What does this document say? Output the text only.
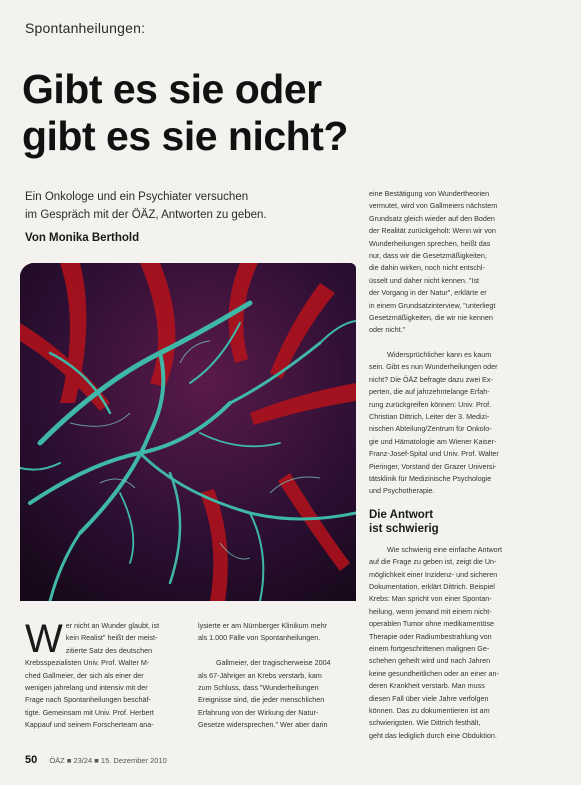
Spontanheilungen:
Gibt es sie oder
gibt es sie nicht?
Ein Onkologe und ein Psychiater versuchen
im Gespräch mit der ÖÄZ, Antworten zu geben.
Von Monika Berthold
W er nicht an Wunder glaubt, ist
kein Realist" heißt der meist-
zitierte Satz des deutschen
Krebsspezialisten Univ. Prof. Walter M-
ched Gallmeier, der sich als einer der
wenigen jahrelang und intensiv mit der
Frage nach Spontanheilungen beschäf-
tigte. Gemeinsam mit Univ. Prof. Herbert
Kappauf und seinem Forscherteam ana-
lysierte er am Nürnberger Klinikum mehr
als 1.000 Fälle von Spontanheilungen.

Gallmeier, der tragischerweise 2004
als 67-Jähriger an Krebs verstarb, kam
zum Schluss, dass "Wunderheilungen
Ereignisse sind, die jeder menschlichen
Erfahrung von der Wirkung der Natur-
Gesetze widersprechen." Wer aber darin
eine Bestätigung von Wundertheorien
vermutet, wird von Gallmeiers nächstem
Grundsatz gleich wieder auf den Boden
der Realität zurückgeholt: Wenn wir von
Wunderheilungen sprechen, heißt das
nur, dass wir die Gesetzmäßigkeiten,
die dahin wirken, noch nicht entschl-
üsselt und daher nicht kennen. "Ist
der Vorgang in der Natur", erklärte er
in einem Grundsatzinterview, "unterliegt
Gesetzmäßigkeiten, die wir nie kennen
oder nicht."
Widersprüchlicher kann es kaum
sein. Gibt es nun Wunderheilungen oder
nicht? Die ÖÄZ befragte dazu zwei Ex-
perten, die auf jahrzehntelange Erfah-
rung zurückgreifen können: Univ. Prof.
Christian Dittrich, Leiter der 3. Medizi-
nischen Abteilung/Zentrum für Onkolo-
gie und Hämatologie am Wiener Kaiser-
Franz-Josef-Spital und Univ. Prof. Walter
Pieringer, Vorstand der Grazer Universi-
tätsklinik für Medizinische Psychologie
und Psychotherapie.
Die Antwort
ist schwierig
Wie schwierig eine einfache Antwort
auf die Frage zu geben ist, zeigt die Un-
möglichkeit einer Inzidenz- und sicheren
Dokumentation, erklärt Dittrich. Beispiel
Krebs: Man spricht von einer Spontan-
heilung, wenn jemand mit einem nicht-
operablen Tumor ohne medikamentöse
Therapie oder Radiumbestrahlung von
einem fortgeschrittenen malignen Ge-
schehen geheilt wird und nach Jahren
keine gesundheitlichen oder an einer an-
deren Krankheit verstarb. Man muss
diesen Fall über viele Jahre verfolgen
können. Das zu dokumentieren ist am
schwierigsten. Wie Dittrich festhält,
geht das lediglich durch eine Obduktion.
50 ÖÄZ ■ 23/24 ■ 15. Dezember 2010
